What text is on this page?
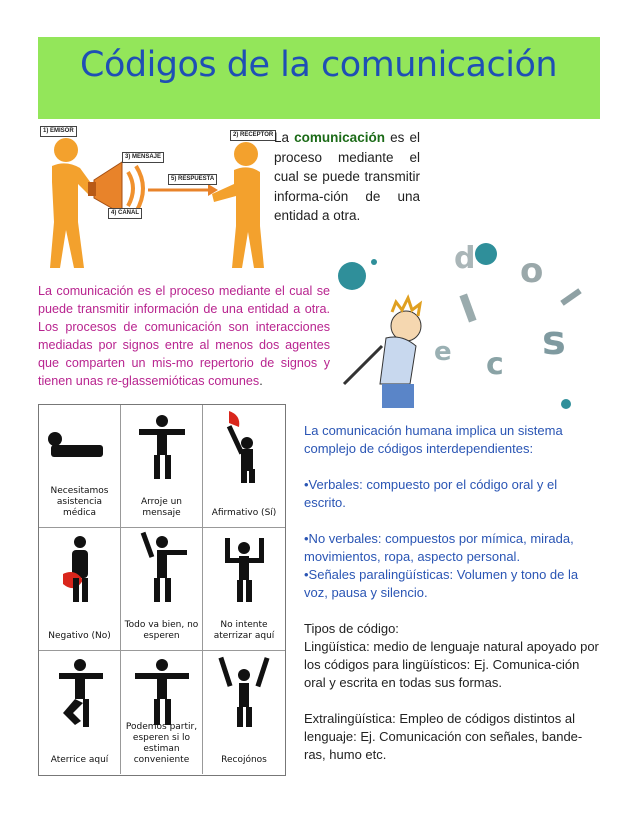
Códigos de la comunicación
1) EMISOR
2) RECEPTOR
3) MENSAJE
4) CANAL
5) RESPUESTA
La comunicación es el proceso mediante el cual se puede transmitir informa-ción de una entidad a otra.
La comunicación es el proceso mediante el cual se puede transmitir información de una entidad a otra. Los procesos de comunicación son interacciones mediadas por signos entre al menos dos agentes que comparten un mis-mo repertorio de signos y tienen unas re-glassemióticas comunes.
d o
s
c
e
Necesitamos asistencia médica
Arroje un mensaje	Afirmativo (Sí)
Negativo (No)
Todo va bien, no esperen
No intente aterrizar aquí
Aterrice aquí
Podemos partir, esperen si lo estiman conveniente	Recojónos

La comunicación humana implica un sistema complejo de códigos interdependientes:

•Verbales: compuesto por el código oral y el escrito.

•No verbales: compuestos por mímica, mirada, movimientos, ropa, aspecto personal.

•Señales paralingüísticas: Volumen y tono de la voz, pausa y silencio.

Tipos de código:

Lingüística: medio de lenguaje natural apoyado por los códigos para lingüísticos: Ej. Comunica-ción oral y escrita en todas sus formas.

Extralingüística: Empleo de códigos distintos al lenguaje: Ej. Comunicación con señales, bande-ras, humo etc.
